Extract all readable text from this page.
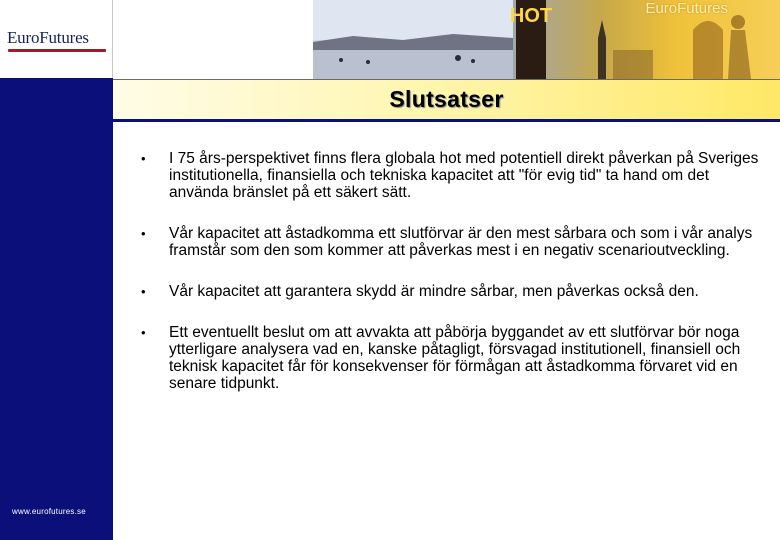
EuroFutures
HOT	EuroFutures
Slutsatser
• I 75 års-perspektivet finns flera globala hot med potentiell direkt påverkan på Sveriges institutionella, finansiella och tekniska kapacitet att "för evig tid" ta hand om det använda bränslet på ett säkert sätt.
• Vår kapacitet att åstadkomma ett slutförvar är den mest sårbara och som i vår analys framstår som den som kommer att påverkas mest i en negativ scenarioutveckling.
• Vår kapacitet att garantera skydd är mindre sårbar, men påverkas också den.
• Ett eventuellt beslut om att avvakta att påbörja byggandet av ett slutförvar bör noga ytterligare analysera vad en, kanske påtagligt, försvagad institutionell, finansiell och teknisk kapacitet får för konsekvenser för förmågan att åstadkomma förvaret vid en senare tidpunkt.
www.eurofutures.se
